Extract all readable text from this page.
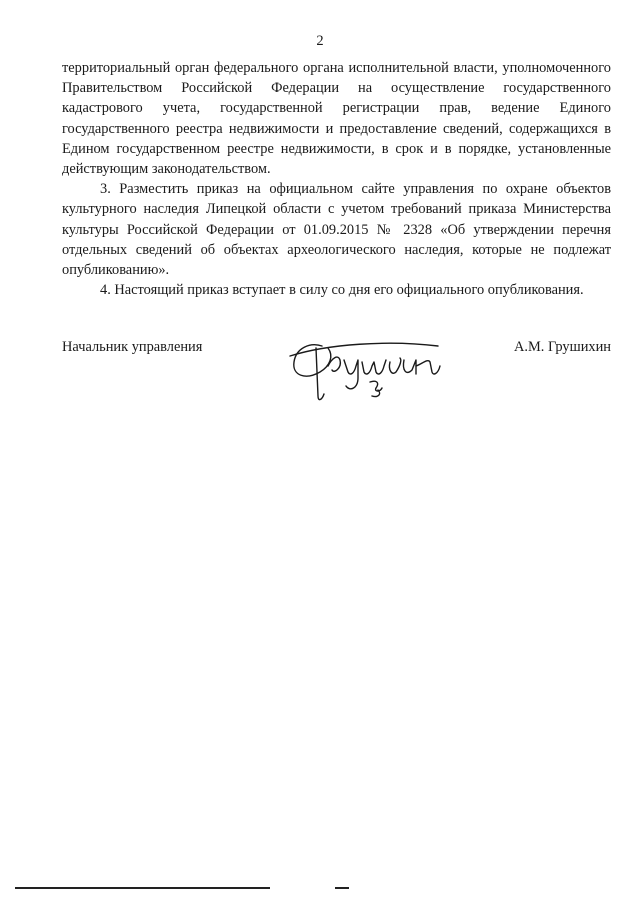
2

территориальный орган федерального органа исполнительной власти, уполномоченного Правительством Российской Федерации на осуществление государственного кадастрового учета, государственной регистрации прав, ведение Единого государственного реестра недвижимости и предоставление сведений, содержащихся в Едином государственном реестре недвижимости, в срок и в порядке, установленные действующим законодательством.

3. Разместить приказ на официальном сайте управления по охране объектов культурного наследия Липецкой области с учетом требований приказа Министерства культуры Российской Федерации от 01.09.2015 № 2328 «Об утверждении перечня отдельных сведений об объектах археологического наследия, которые не подлежат опубликованию».

4. Настоящий приказ вступает в силу со дня его официального опубликования.

Начальник управления	А.М. Грушихин
